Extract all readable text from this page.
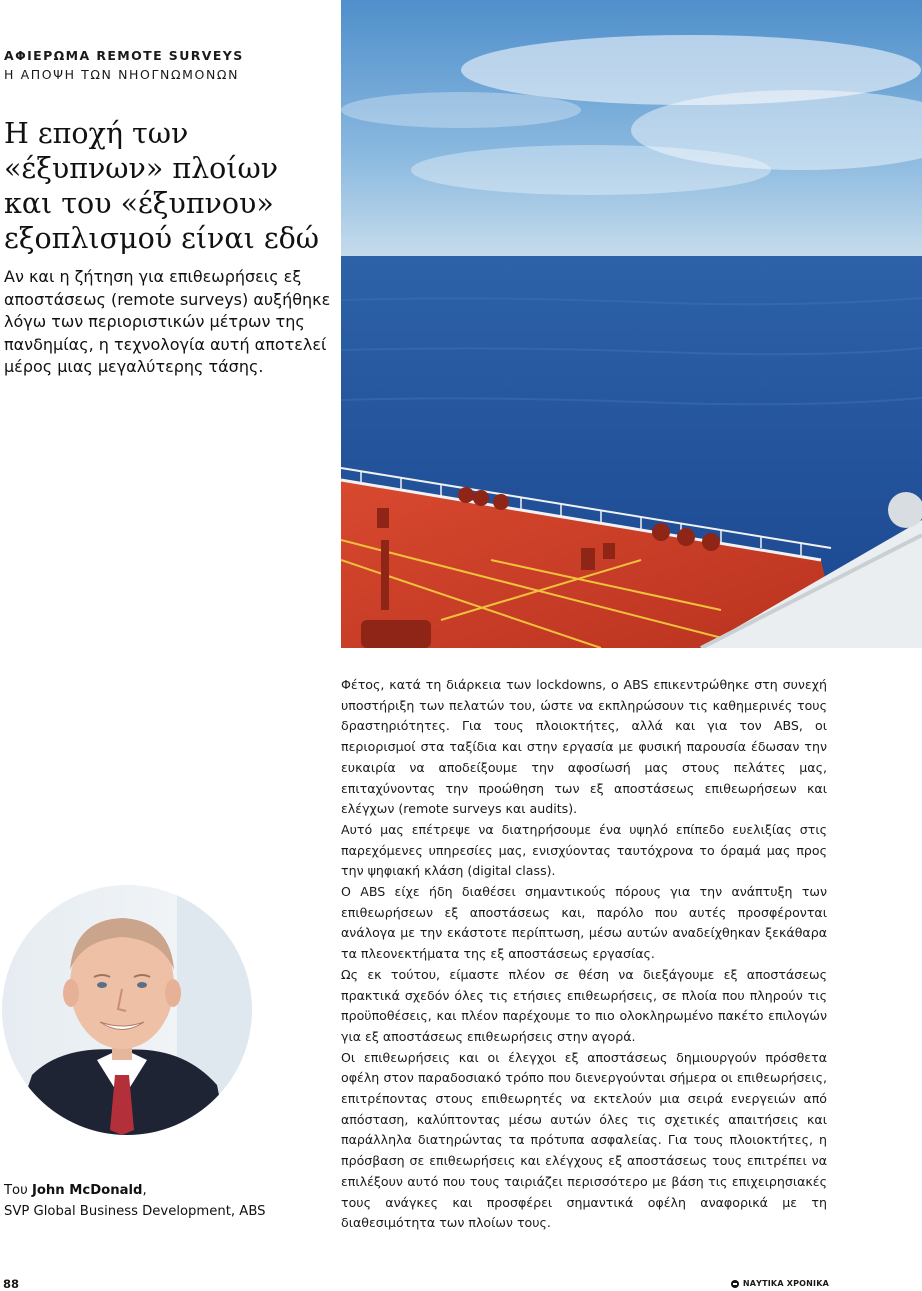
ΑΦΙΕΡΩΜΑ REMOTE SURVEYS
Η ΑΠΟΨΗ ΤΩΝ ΝΗΟΓΝΩΜΟΝΩΝ
Η εποχή των
«έξυπνων» πλοίων
και του «έξυπνου»
εξοπλισμού είναι εδώ
Αν και η ζήτηση για επιθεωρήσεις εξ αποστάσεως (remote surveys) αυξήθηκε λόγω των περιοριστικών μέτρων της πανδημίας, η τεχνολογία αυτή αποτελεί μέρος μιας μεγαλύτερης τάσης.

Φέτος, κατά τη διάρκεια των lockdowns, ο ABS επικεντρώθηκε στη συνεχή υποστήριξη των πελατών του, ώστε να εκπληρώσουν τις καθημερινές τους δραστηριότητες. Για τους πλοιοκτήτες, αλλά και για τον ABS, οι περιορισμοί στα ταξίδια και στην εργασία με φυσική παρουσία έδωσαν την ευκαιρία να αποδείξουμε την αφοσίωσή μας στους πελάτες μας, επιταχύνοντας την προώθηση των εξ αποστάσεως επιθεωρήσεων και ελέγχων (remote surveys και audits).

Αυτό μας επέτρεψε να διατηρήσουμε ένα υψηλό επίπεδο ευελιξίας στις παρεχόμενες υπηρεσίες μας, ενισχύοντας ταυτόχρονα το όραμά μας προς την ψηφιακή κλάση (digital class).

Ο ABS είχε ήδη διαθέσει σημαντικούς πόρους για την ανάπτυξη των επιθεωρήσεων εξ αποστάσεως και, παρόλο που αυτές προσφέρονται ανάλογα με την εκάστοτε περίπτωση, μέσω αυτών αναδείχθηκαν ξεκάθαρα τα πλεονεκτήματα της εξ αποστάσεως εργασίας.

Ως εκ τούτου, είμαστε πλέον σε θέση να διεξάγουμε εξ αποστάσεως πρακτικά σχεδόν όλες τις ετήσιες επιθεωρήσεις, σε πλοία που πληρούν τις προϋποθέσεις, και πλέον παρέχουμε το πιο ολοκληρωμένο πακέτο επιλογών για εξ αποστάσεως επιθεωρήσεις στην αγορά.

Οι επιθεωρήσεις και οι έλεγχοι εξ αποστάσεως δημιουργούν πρόσθετα οφέλη στον παραδοσιακό τρόπο που διενεργούνται σήμερα οι επιθεωρήσεις, επιτρέποντας στους επιθεωρητές να εκτελούν μια σειρά ενεργειών από απόσταση, καλύπτοντας μέσω αυτών όλες τις σχετικές απαιτήσεις και παράλληλα διατηρώντας τα πρότυπα ασφαλείας. Για τους πλοιοκτήτες, η πρόσβαση σε επιθεωρήσεις και ελέγχους εξ αποστάσεως τους επιτρέπει να επιλέξουν αυτό που τους ταιριάζει περισσότερο με βάση τις επιχειρησιακές τους ανάγκες και προσφέρει σημαντικά οφέλη αναφορικά με τη διαθεσιμότητα των πλοίων τους.

Του John McDonald,
SVP Global Business Development, ABS
88	ΝΑΥΤΙΚΑ ΧΡΟΝΙΚΑ
